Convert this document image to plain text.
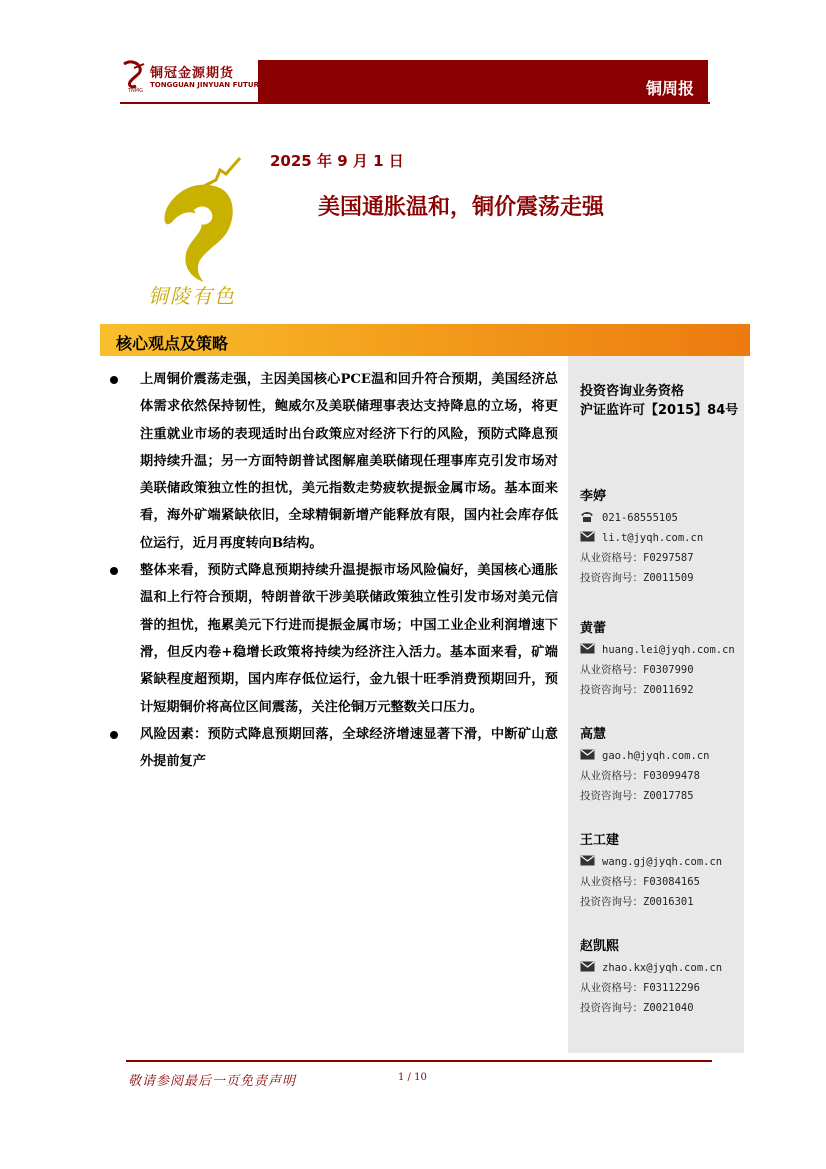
铜冠金源期货
TONGGUAN JINYUAN FUTURES
TNMG	铜周报
铜陵有色
2025 年 9 月 1 日
美国通胀温和，铜价震荡走强
核心观点及策略

上周铜价震荡走强，主因美国核心PCE温和回升符合预期，美国经济总体需求依然保持韧性，鲍威尔及美联储理事表达支持降息的立场，将更注重就业市场的表现适时出台政策应对经济下行的风险，预防式降息预期持续升温；另一方面特朗普试图解雇美联储现任理事库克引发市场对美联储政策独立性的担忧，美元指数走势疲软提振金属市场。基本面来看，海外矿端紧缺依旧，全球精铜新增产能释放有限，国内社会库存低位运行，近月再度转向B结构。

整体来看，预防式降息预期持续升温提振市场风险偏好，美国核心通胀温和上行符合预期，特朗普欲干涉美联储政策独立性引发市场对美元信誉的担忧，拖累美元下行进而提振金属市场；中国工业企业利润增速下滑，但反内卷+稳增长政策将持续为经济注入活力。基本面来看，矿端紧缺程度超预期，国内库存低位运行，金九银十旺季消费预期回升，预计短期铜价将高位区间震荡，关注伦铜万元整数关口压力。

风险因素：预防式降息预期回落，全球经济增速显著下滑，中断矿山意外提前复产

投资咨询业务资格
沪证监许可【2015】84号
李婷
021-68555105
li.t@jyqh.com.cn
从业资格号：F0297587
投资咨询号：Z0011509
黄蕾
huang.lei@jyqh.com.cn
从业资格号：F0307990
投资咨询号：Z0011692
高慧
gao.h@jyqh.com.cn
从业资格号：F03099478
投资咨询号：Z0017785
王工建
wang.gj@jyqh.com.cn
从业资格号：F03084165
投资咨询号：Z0016301
赵凯熙
zhao.kx@jyqh.com.cn
从业资格号：F03112296
投资咨询号：Z0021040
敬请参阅最后一页免责声明	1 / 10
